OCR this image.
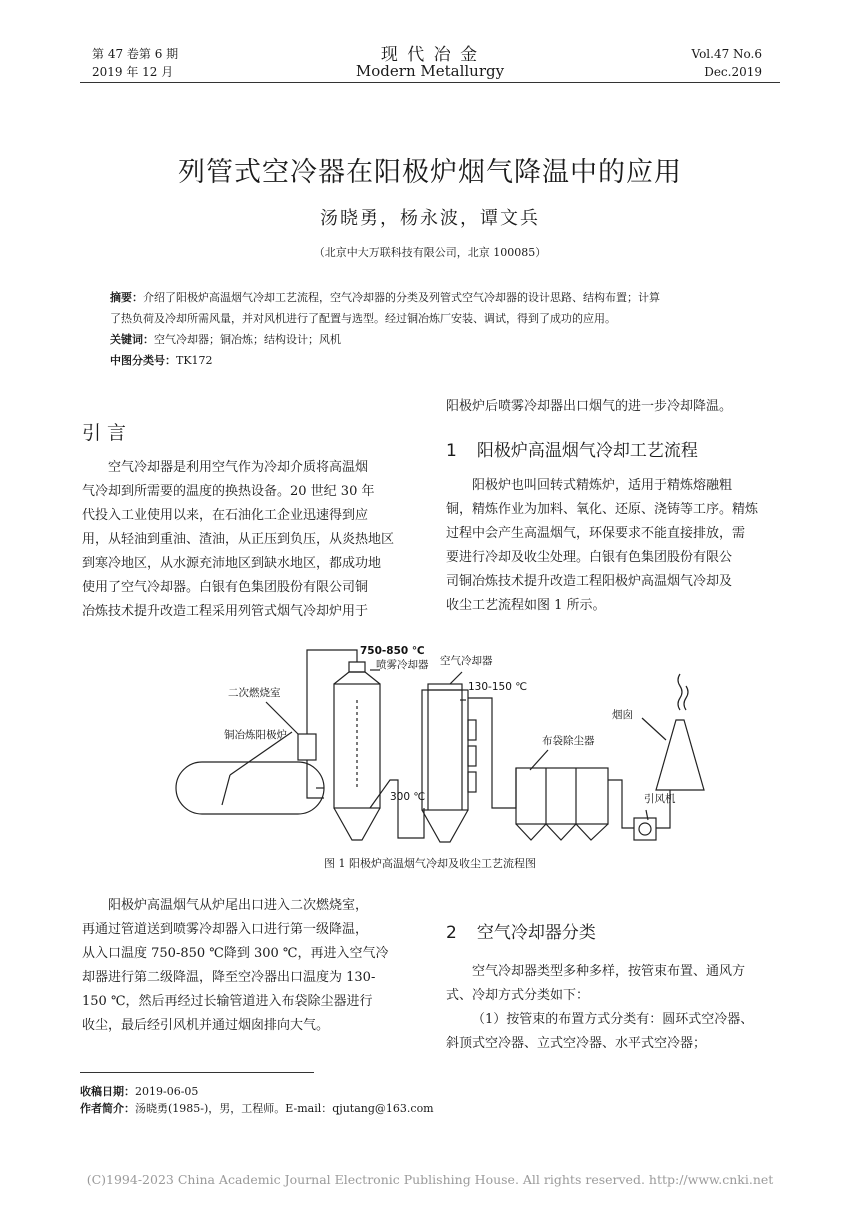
第 47 卷第 6 期
2019 年 12 月
现 代 冶 金
Modern Metallurgy
Vol.47 No.6
Dec.2019
列管式空冷器在阳极炉烟气降温中的应用
汤晓勇，杨永波，谭文兵
（北京中大万联科技有限公司，北京 100085）
摘要：介绍了阳极炉高温烟气冷却工艺流程，空气冷却器的分类及列管式空气冷却器的设计思路、结构布置；计算
了热负荷及冷却所需风量，并对风机进行了配置与选型。经过铜冶炼厂安装、调试，得到了成功的应用。
关键词：空气冷却器；铜冶炼；结构设计；风机
中图分类号：TK172
引 言
空气冷却器是利用空气作为冷却介质将高温烟
气冷却到所需要的温度的换热设备。20 世纪 30 年
代投入工业使用以来，在石油化工企业迅速得到应
用，从轻油到重油、渣油，从正压到负压，从炎热地区
到寒冷地区，从水源充沛地区到缺水地区，都成功地
使用了空气冷却器。白银有色集团股份有限公司铜
冶炼技术提升改造工程采用列管式烟气冷却炉用于
阳极炉后喷雾冷却器出口烟气的进一步冷却降温。
1 阳极炉高温烟气冷却工艺流程
阳极炉也叫回转式精炼炉，适用于精炼熔融粗
铜，精炼作业为加料、氧化、还原、浇铸等工序。精炼
过程中会产生高温烟气，环保要求不能直接排放，需
要进行冷却及收尘处理。白银有色集团股份有限公
司铜冶炼技术提升改造工程阳极炉高温烟气冷却及
收尘工艺流程如图 1 所示。
二次燃烧室
铜冶炼阳极炉
750-850 ℃
喷雾冷却器 空气冷却器
130-150 ℃
300 ℃
布袋除尘器
烟囱
引风机
图 1 阳极炉高温烟气冷却及收尘工艺流程图
阳极炉高温烟气从炉尾出口进入二次燃烧室，
再通过管道送到喷雾冷却器入口进行第一级降温，
从入口温度 750-850 ℃降到 300 ℃，再进入空气冷
却器进行第二级降温，降至空冷器出口温度为 130-
150 ℃，然后再经过长输管道进入布袋除尘器进行
收尘，最后经引风机并通过烟囱排向大气。
2 空气冷却器分类
空气冷却器类型多种多样，按管束布置、通风方
式、冷却方式分类如下：
（1）按管束的布置方式分类有：圆环式空冷器、
斜顶式空冷器、立式空冷器、水平式空冷器；
收稿日期：2019-06-05
作者简介：汤晓勇(1985-)，男，工程师。E-mail：qjutang@163.com
(C)1994-2023 China Academic Journal Electronic Publishing House. All rights reserved. http://www.cnki.net
